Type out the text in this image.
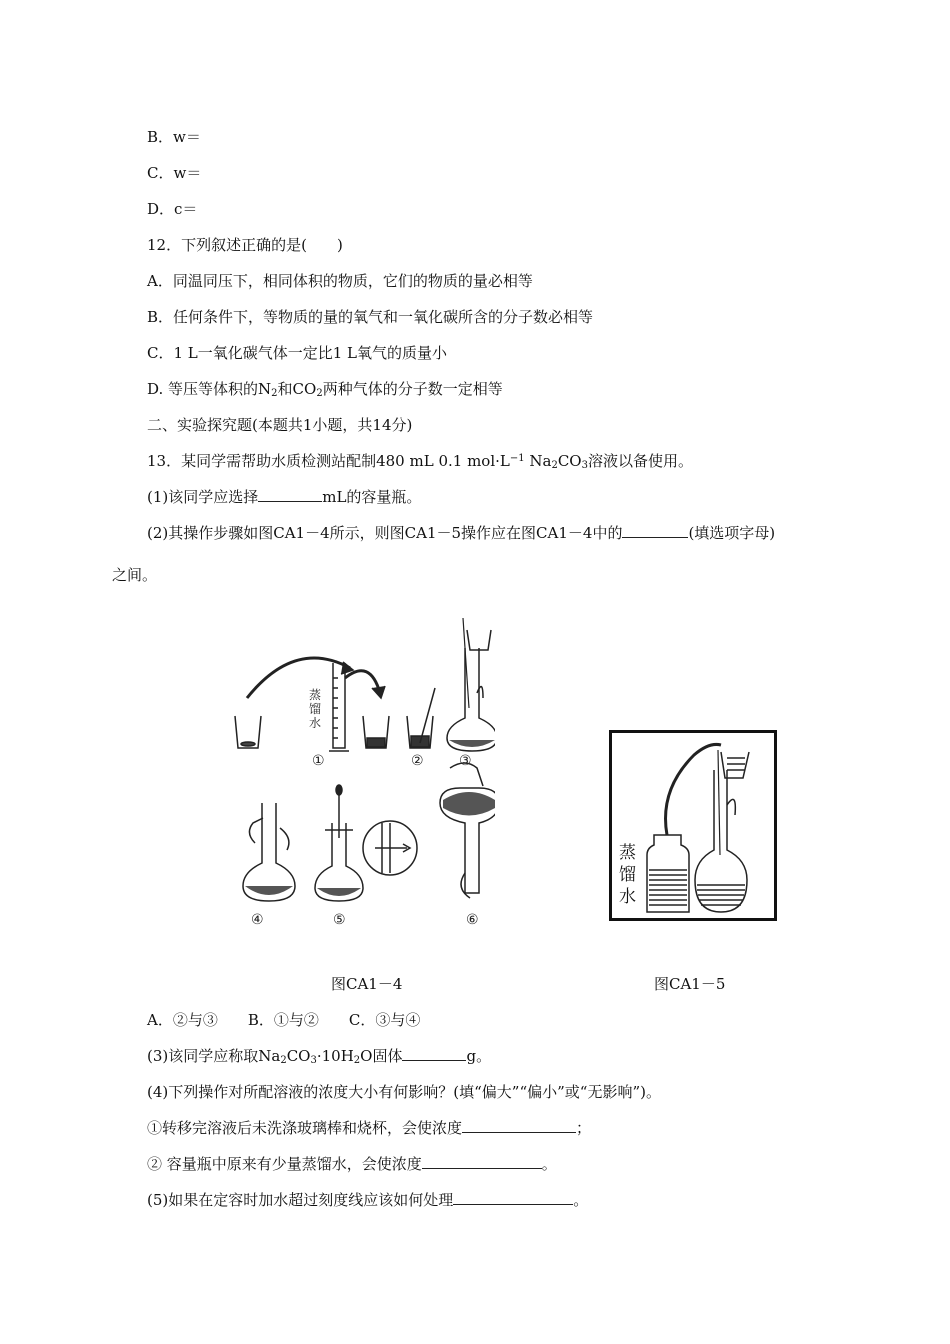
B．w＝
C．w＝
D．c＝
12．下列叙述正确的是(　　)
A．同温同压下，相同体积的物质，它们的物质的量必相等
B．任何条件下，等物质的量的氧气和一氧化碳所含的分子数必相等
C．1 L一氧化碳气体一定比1 L氧气的质量小
D. 等压等体积的$N_2$和$CO_2$两种气体的分子数一定相等
二、实验探究题(本题共1小题，共14分)
13．某同学需帮助水质检测站配制480 mL 0.1 $mol\cdot L^{-1}$ $Na_2CO_3$溶液以备使用。
(1)该同学应选择	mL的容量瓶。
(2)其操作步骤如图CA1－4所示，则图CA1－5操作应在图CA1－4中的	(填选项字母)
之间。
蒸
馏
水
①	②	③
④	⑤	⑥
蒸
馏
水
图CA1－4	图CA1－5
A．②与③　　B．①与②　　C．③与④
(3)该同学应称取$Na_2CO_3\cdot 10H_2O$固体	g。
(4)下列操作对所配溶液的浓度大小有何影响？(填“偏大”“偏小”或“无影响”)。
①转移完溶液后未洗涤玻璃棒和烧杯，会使浓度	；
② 容量瓶中原来有少量蒸馏水，会使浓度	。
(5)如果在定容时加水超过刻度线应该如何处理	。
